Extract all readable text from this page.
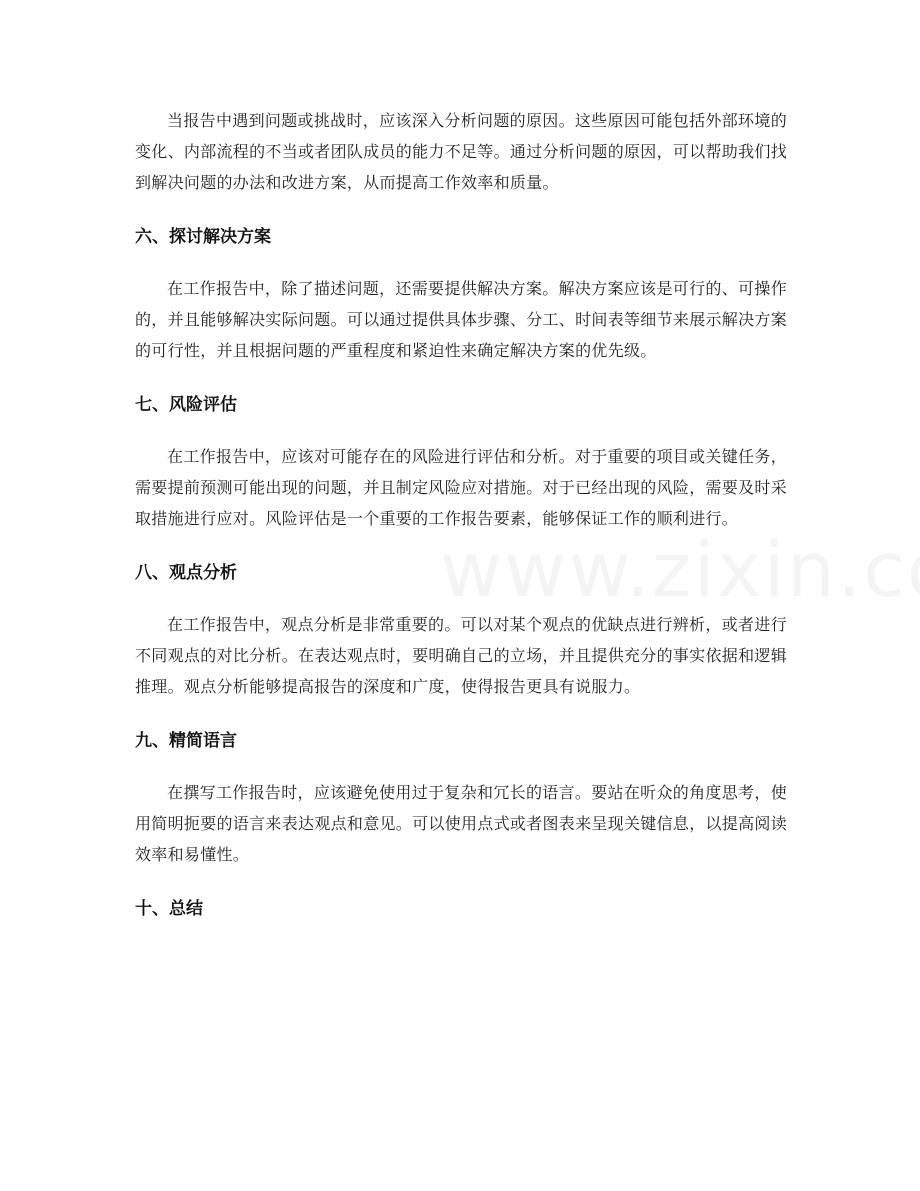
当报告中遇到问题或挑战时，应该深入分析问题的原因。这些原因可能包括外部环境的变化、内部流程的不当或者团队成员的能力不足等。通过分析问题的原因，可以帮助我们找到解决问题的办法和改进方案，从而提高工作效率和质量。

六、探讨解决方案

在工作报告中，除了描述问题，还需要提供解决方案。解决方案应该是可行的、可操作的，并且能够解决实际问题。可以通过提供具体步骤、分工、时间表等细节来展示解决方案的可行性，并且根据问题的严重程度和紧迫性来确定解决方案的优先级。

七、风险评估

在工作报告中，应该对可能存在的风险进行评估和分析。对于重要的项目或关键任务，需要提前预测可能出现的问题，并且制定风险应对措施。对于已经出现的风险，需要及时采取措施进行应对。风险评估是一个重要的工作报告要素，能够保证工作的顺利进行。

八、观点分析

在工作报告中，观点分析是非常重要的。可以对某个观点的优缺点进行辨析，或者进行不同观点的对比分析。在表达观点时，要明确自己的立场，并且提供充分的事实依据和逻辑推理。观点分析能够提高报告的深度和广度，使得报告更具有说服力。

九、精简语言

在撰写工作报告时，应该避免使用过于复杂和冗长的语言。要站在听众的角度思考，使用简明扼要的语言来表达观点和意见。可以使用点式或者图表来呈现关键信息，以提高阅读效率和易懂性。

十、总结
